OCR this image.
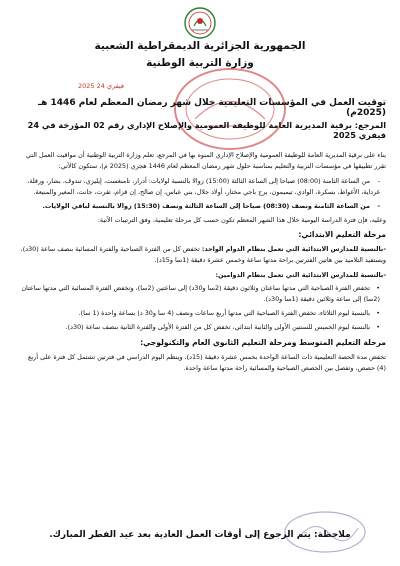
الجمهورية الجزائرية الديمقراطية الشعبية
وزارة التربية الوطنية
2025 فيفري 24
توقيت العمل في المؤسسات التعليمية خلال شهر رمضان المعظم لعام 1446 هـ (2025م)
المرجع: برقية المديرية العامة للوظيفة العمومية والإصلاح الإداري رقم 02 المؤرخة في 24 فيفري 2025

بناء على برقية المديرية العامة للوظيفة العمومية والإصلاح الإداري المنوه بها في المرجع، تعلم وزارة التربية الوطنية أن مواقيت العمل التي تقرر تطبيقها في مؤسسات التربية والتعليم بمناسبة حلول شهر رمضان المعظم لعام 1446 هجري (2025 م)، ستكون كالآتي:

-من الساعة الثامنة (08:00) صباحا إلى الساعة الثالثة (15:00) زوالا بالنسبة لولايات: أدرار، تامنغست، إيليزي، تندوف، بشار، ورقلة، غرداية، الأغواط، بسكرة، الوادي، تيميمون، برج باجي مختار، أولاد جلال، بني عباس، إن صالح، إن قزام، تقرت، جانت، المغير والمنيعة.

-من الساعة الثامنة ونصف (08:30) صباحا إلى الساعة الثالثة ونصف (15:30) زوالا بالنسبة لباقي الولايات.

وعليه، فإن فترة الدراسة اليومية خلال هذا الشهر المعظم تكون حسب كل مرحلة تعليمية، وفق الترتيبات الآتية:

مرحلة التعليم الابتدائي:

-بالنسبة للمدارس الابتدائية التي تعمل بنظام الدوام الواحد: تخفض كل من الفترة الصباحية والفترة المسائية بنصف ساعة (30د)، ويستفيد التلاميذ بين هاتين الفترتين براحة مدتها ساعة وخمس عشرة دقيقة (1سا و15د).

-بالنسبة للمدارس الابتدائية التي تعمل بنظام الدوامين:

•تخفض الفترة الصباحية التي مدتها ساعتان وثلاثون دقيقة (2سا و30د) إلى ساعتين (2سا)، وتخفض الفترة المسائية التي مدتها ساعتان (2سا) إلى ساعة وثلاثين دقيقة (1سا و30د).

•بالنسبة ليوم الثلاثاء، تخفض الفترة الصباحية التي مدتها أربع ساعات ونصف (4 سا و30 د) بساعة واحدة (1 سا).

•بالنسبة ليوم الخميس للسنتين الأولى والثانية ابتدائي، تخفض كل من الفترة الأولى والفترة الثانية بنصف ساعة (30د).

مرحلة التعليم المتوسط ومرحلة التعليم الثانوي العام والتكنولوجي:

تخفض مدة الحصة التعليمية ذات الساعة الواحدة بخمس عشرة دقيقة (15د)، وينظم اليوم الدراسي في فترتين تشتمل كل فترة على أربع (4) حصص، وتفصل بين الحصص الصباحية والمسائية راحة مدتها ساعة واحدة.

ملاحظة: يتم الرجوع إلى أوقات العمل العادية بعد عيد الفطر المبارك.
